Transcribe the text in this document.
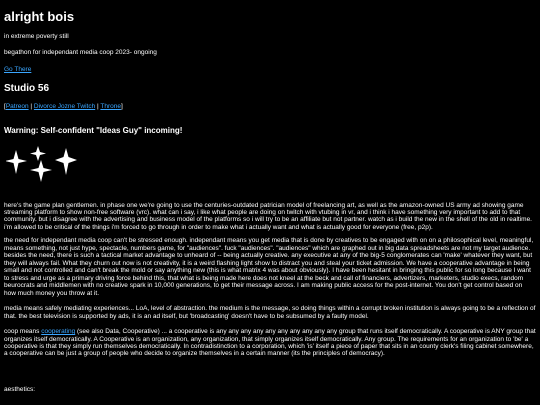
alright bois

in extreme poverty still

begathon for independant media coop 2023- ongoing

Go There

Studio 56

[Patreon | Divorce Jozne Twitch | Throne]

Warning: Self-confident "Ideas Guy" incoming!

here's the game plan gentlemen. in phase one we're going to use the centuries-outdated patrician model of freelancing art, as well as the amazon-owned US army ad showing game streaming platform to show non-free software (vrc). what can i say, i like what people are doing on twitch with vtubing in vr, and i think i have something very important to add to that community. but i disagree with the advertising and business model of the platforms so i will try to be an affiliate but not partner. watch as i build the new in the shell of the old in realtime. i'm allowed to be critical of the things i'm forced to go through in order to make what i actually want and what is actually good for everyone (free, p2p).

the need for independant media coop can't be stressed enough. independant means you get media that is done by creatives to be engaged with on on a philosophical level, meaningful, means something, not just hype, spectacle, numbers game, for "audiences". fuck "audiences". "audiences" which are graphed out in big data spreadsheets are not my target audience. besides the need, there is such a tactical market advantage to unheard of -- being actually creative. any executive at any of the big-5 conglomerates can 'make' whatever they want, but they will always fail. What they churn out now is not creativity, it is a weird flashing light show to distract you and steal your ticket admission. We have a cooperative advantage in being small and not controlled and can't break the mold or say anything new (this is what matrix 4 was about obviously). I have been hesitant in bringing this public for so long because I want to stress and urge as a primary driving force behind this, that what is being made here does not kneel at the beck and call of financiers, advertizers, marketers, studio execs, random beurocrats and middlemen with no creative spark in 10,000 generations, to get their message across. I am making public access for the post-internet. You don't get control based on how much money you throw at it.

media means safely mediating experiences... LoA, level of abstraction. the medium is the message, so doing things within a corrupt broken institution is always going to be a reflection of that. the best television is supported by ads, it is an ad itself, but 'broadcasting' doesn't have to be subsumed by a faulty model.

coop means cooperating (see also Data, Cooperative) ... a cooperative is any any any any any any any any any any group that runs itself democratically. A cooperative is ANY group that organizes itself democratically. A Cooperative is an organization, any organization, that simply organizes itself democratically. Any group. The requirements for an organization to 'be' a cooperative is that they simply run themselves democratically. In contradistinction to a corporation, which 'is' itself a piece of paper that sits in an county clerk's filing cabinet somewhere, a cooperative can be just a group of people who decide to organize themselves in a certain manner (its the principles of democracy).

aesthetics:
